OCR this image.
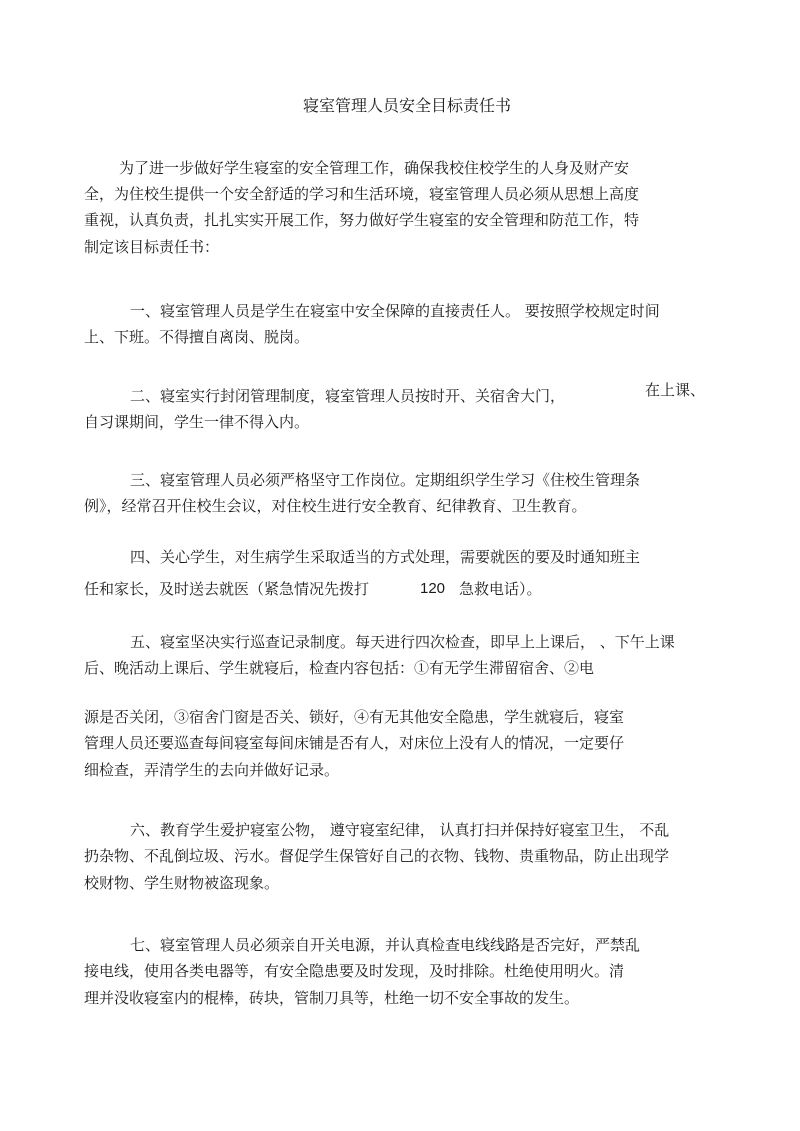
寝室管理人员安全目标责任书
为了进一步做好学生寝室的安全管理工作，确保我校住校学生的人身及财产安
全，为住校生提供一个安全舒适的学习和生活环境，寝室管理人员必须从思想上高度
重视，认真负责，扎扎实实开展工作，努力做好学生寝室的安全管理和防范工作，特
制定该目标责任书：
一、寝室管理人员是学生在寝室中安全保障的直接责任人。 要按照学校规定时间
上、下班。不得擅自离岗、脱岗。
二、寝室实行封闭管理制度，寝室管理人员按时开、关宿舍大门，	在上课、
自习课期间，学生一律不得入内。
三、寝室管理人员必须严格坚守工作岗位。定期组织学生学习《住校生管理条
例》，经常召开住校生会议，对住校生进行安全教育、纪律教育、卫生教育。
四、关心学生，对生病学生采取适当的方式处理，需要就医的要及时通知班主
任和家长，及时送去就医（紧急情况先拨打	120 急救电话）。
五、寝室坚决实行巡查记录制度。每天进行四次检查，即早上上课后， 、下午上课
后、晚活动上课后、学生就寝后，检查内容包括：①有无学生滞留宿舍、②电
源是否关闭，③宿舍门窗是否关、锁好，④有无其他安全隐患，学生就寝后，寝室
管理人员还要巡查每间寝室每间床铺是否有人，对床位上没有人的情况，一定要仔
细检查，弄清学生的去向并做好记录。
六、教育学生爱护寝室公物， 遵守寝室纪律， 认真打扫并保持好寝室卫生， 不乱
扔杂物、不乱倒垃圾、污水。督促学生保管好自己的衣物、钱物、贵重物品，防止出现学
校财物、学生财物被盗现象。
七、寝室管理人员必须亲自开关电源，并认真检查电线线路是否完好，严禁乱
接电线，使用各类电器等，有安全隐患要及时发现，及时排除。杜绝使用明火。清
理并没收寝室内的棍棒，砖块，管制刀具等，杜绝一切不安全事故的发生。
